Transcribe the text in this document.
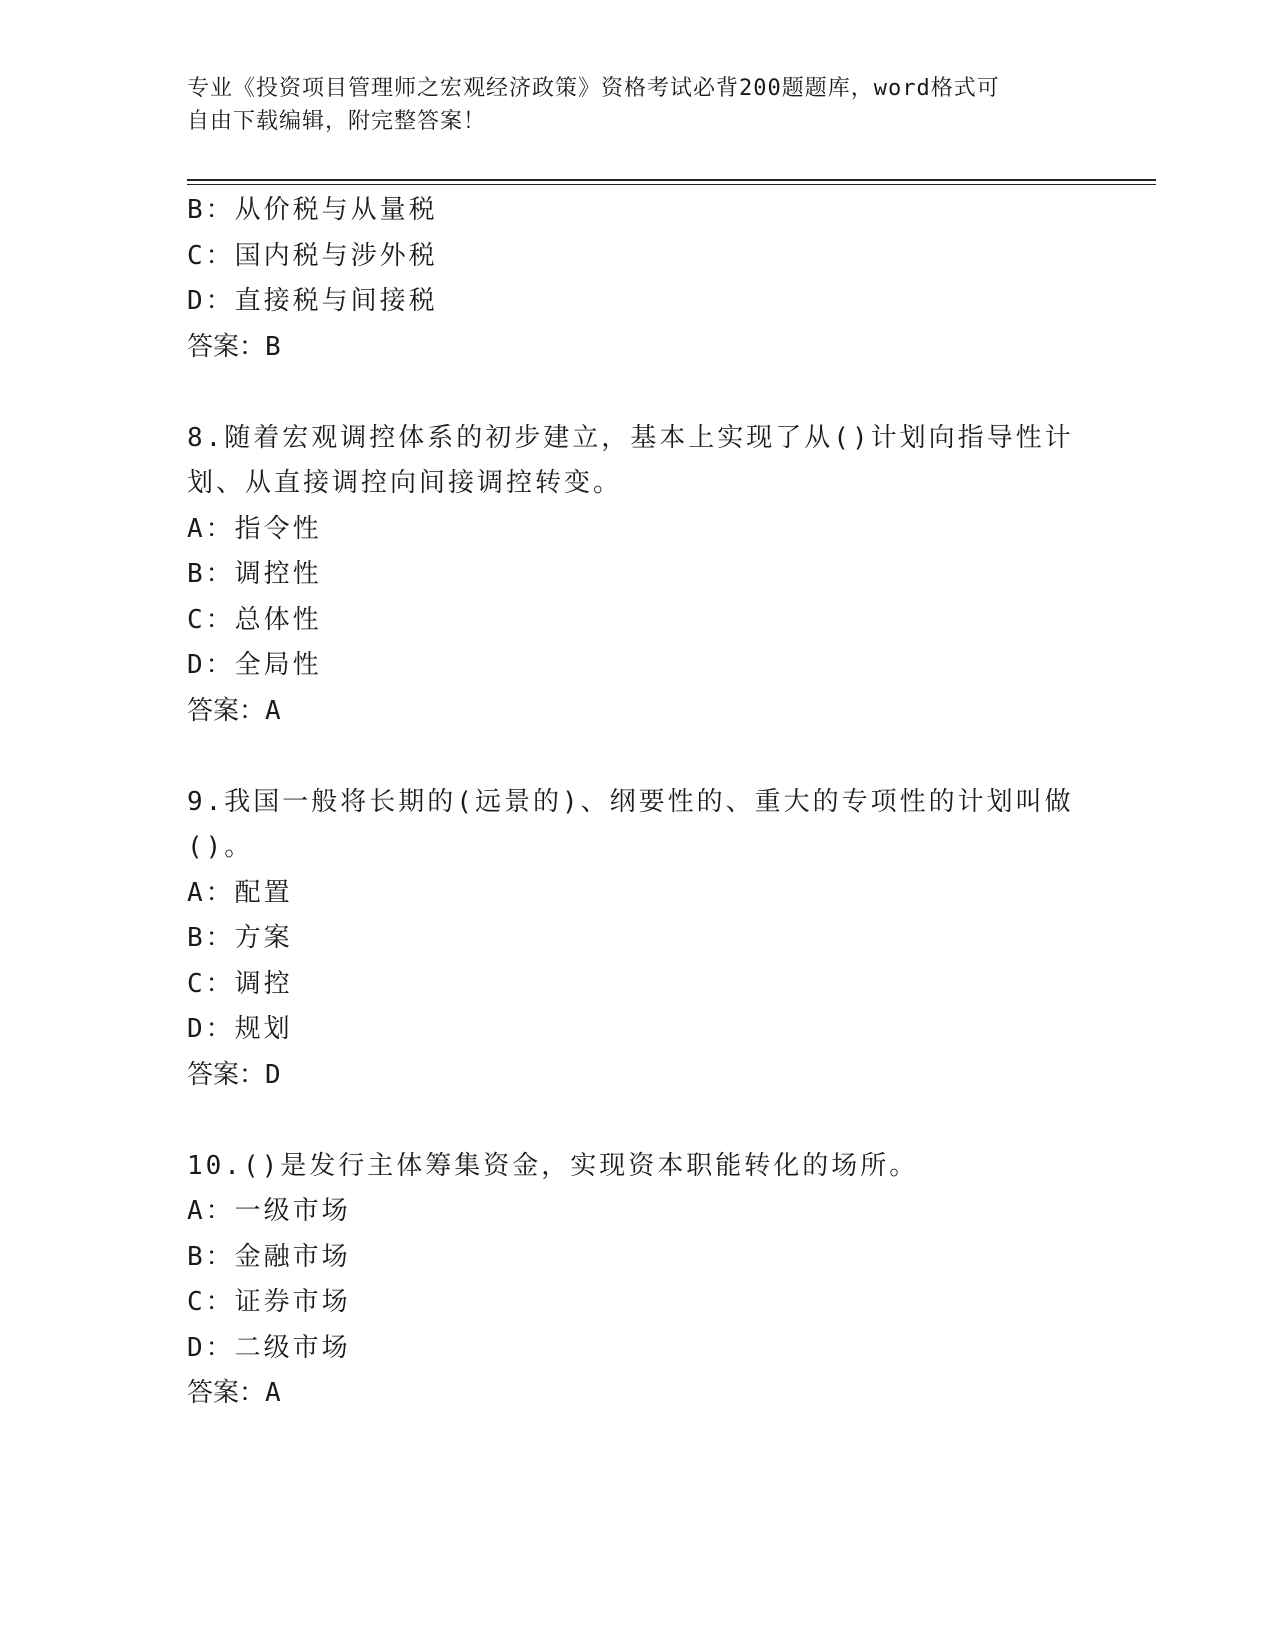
专业《投资项目管理师之宏观经济政策》资格考试必背200题题库，word格式可
自由下载编辑，附完整答案！
B：从价税与从量税
C：国内税与涉外税
D：直接税与间接税
答案：B
8.随着宏观调控体系的初步建立，基本上实现了从()计划向指导性计
划、从直接调控向间接调控转变。
A：指令性
B：调控性
C：总体性
D：全局性
答案：A
9.我国一般将长期的(远景的)、纲要性的、重大的专项性的计划叫做
()。
A：配置
B：方案
C：调控
D：规划
答案：D
10.()是发行主体筹集资金，实现资本职能转化的场所。
A：一级市场
B：金融市场
C：证券市场
D：二级市场
答案：A
